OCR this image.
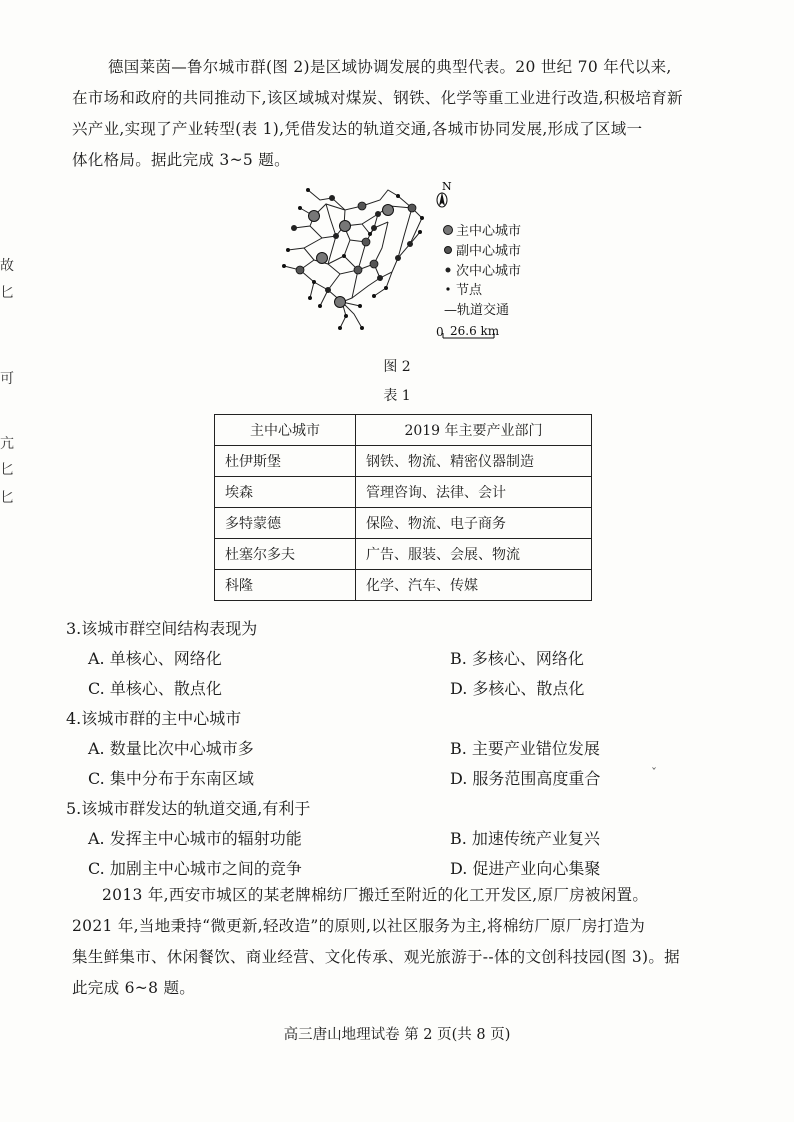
德国莱茵—鲁尔城市群(图 2)是区域协调发展的典型代表。20 世纪 70 年代以来,
在市场和政府的共同推动下,该区域城对煤炭、钢铁、化学等重工业进行改造,积极培育新
兴产业,实现了产业转型(表 1),凭借发达的轨道交通,各城市协同发展,形成了区域一
体化格局。据此完成 3~5 题。

故
匕
可
亢
匕
匕
N
主中心城市
副中心城市
次中心城市
节点
—轨道交通
0 26.6 km
图 2
表 1
主中心城市	2019 年主要产业部门
杜伊斯堡	钢铁、物流、精密仪器制造
埃森	管理咨询、法律、会计
多特蒙德	保险、物流、电子商务
杜塞尔多夫	广告、服装、会展、物流
科隆	化学、汽车、传媒

3.该城市群空间结构表现为

A. 单核心、网络化	B. 多核心、网络化

C. 单核心、散点化	D. 多核心、散点化

4.该城市群的主中心城市

A. 数量比次中心城市多	B. 主要产业错位发展

C. 集中分布于东南区域	D. 服务范围高度重合	ˇ

5.该城市群发达的轨道交通,有利于

A. 发挥主中心城市的辐射功能	B. 加速传统产业复兴

C. 加剧主中心城市之间的竞争	D. 促进产业向心集聚

2013 年,西安市城区的某老牌棉纺厂搬迁至附近的化工开发区,原厂房被闲置。
2021 年,当地秉持“微更新,轻改造”的原则,以社区服务为主,将棉纺厂原厂房打造为
集生鲜集市、休闲餐饮、商业经营、文化传承、观光旅游于--体的文创科技园(图 3)。据
此完成 6~8 题。

高三唐山地理试卷 第 2 页(共 8 页)
